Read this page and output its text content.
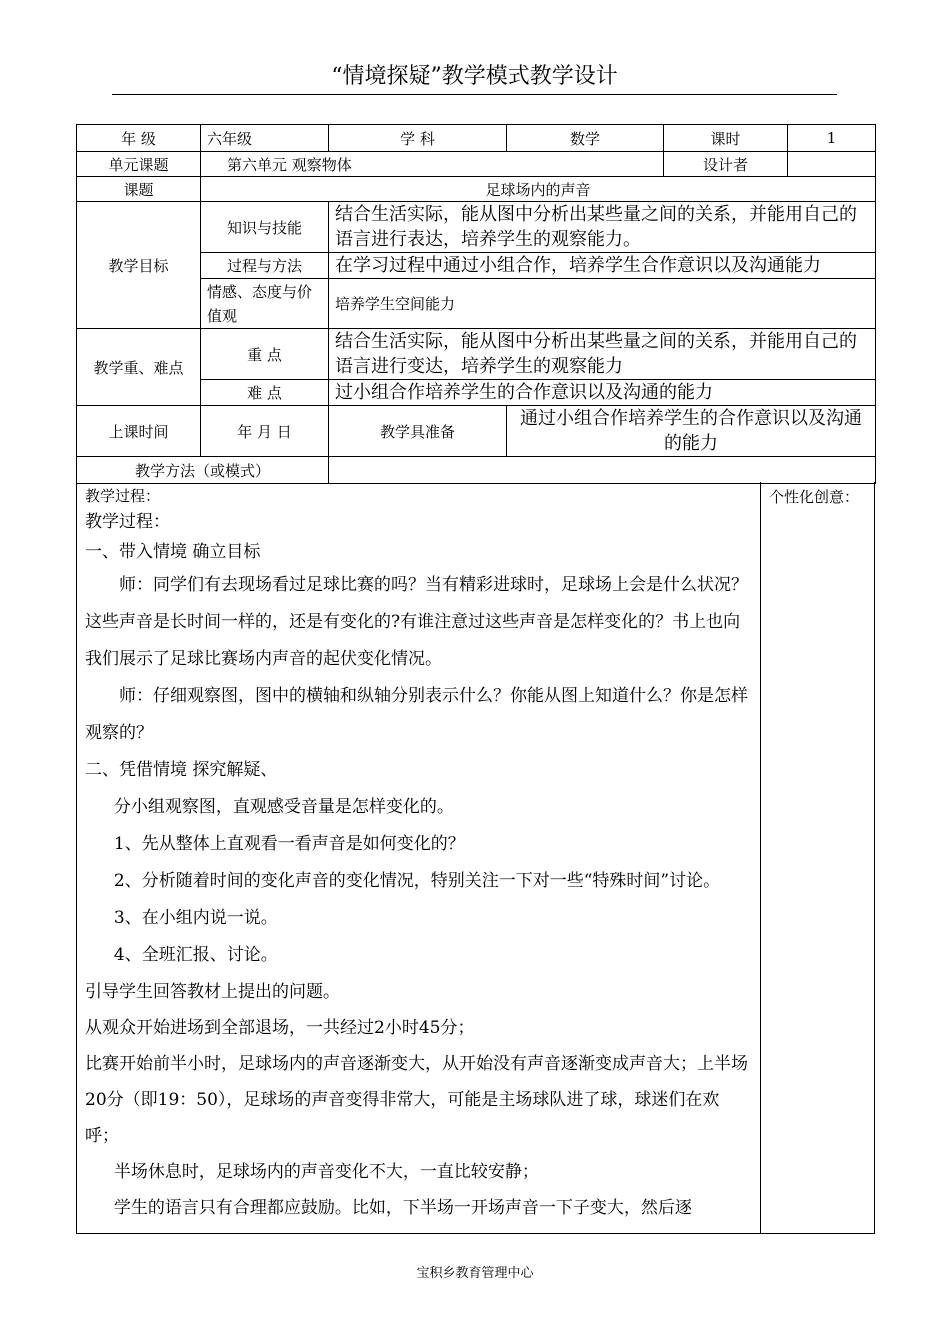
“情境探疑”教学模式教学设计
年 级	六年级	学 科	数学	课时	1
单元课题	第六单元 观察物体			设计者	
课题	足球场内的声音				
教学目标	知识与技能	结合生活实际，能从图中分析出某些量之间的关系，并能用自己的语言进行表达，培养学生的观察能力。			
	过程与方法	在学习过程中通过小组合作，培养学生合作意识以及沟通能力			
	情感、态度与价值观	培养学生空间能力			
教学重、难点	重 点	结合生活实际，能从图中分析出某些量之间的关系，并能用自己的语言进行变达，培养学生的观察能力			
	难 点	过小组合作培养学生的合作意识以及沟通的能力			
上课时间	年 月 日	教学具准备	通过小组合作培养学生的合作意识以及沟通的能力		
教学方法（或模式）					
教学过程：

教学过程：

一、带入情境 确立目标

师：同学们有去现场看过足球比赛的吗？当有精彩进球时，足球场上会是什么状况？这些声音是长时间一样的，还是有变化的?有谁注意过这些声音是怎样变化的？书上也向我们展示了足球比赛场内声音的起伏变化情况。

师：仔细观察图，图中的横轴和纵轴分别表示什么？你能从图上知道什么？你是怎样观察的？

二、凭借情境 探究解疑、

分小组观察图，直观感受音量是怎样变化的。

1、先从整体上直观看一看声音是如何变化的？

2、分析随着时间的变化声音的变化情况，特别关注一下对一些“特殊时间”讨论。

3、在小组内说一说。

4、全班汇报、讨论。

引导学生回答教材上提出的问题。

从观众开始进场到全部退场，一共经过2小时45分；

比赛开始前半小时，足球场内的声音逐渐变大，从开始没有声音逐渐变成声音大；上半场20分（即19：50），足球场的声音变得非常大，可能是主场球队进了球，球迷们在欢呼；

半场休息时，足球场内的声音变化不大，一直比较安静；

学生的语言只有合理都应鼓励。比如，下半场一开场声音一下子变大，然后逐

个性化创意：
宝积乡教育管理中心
